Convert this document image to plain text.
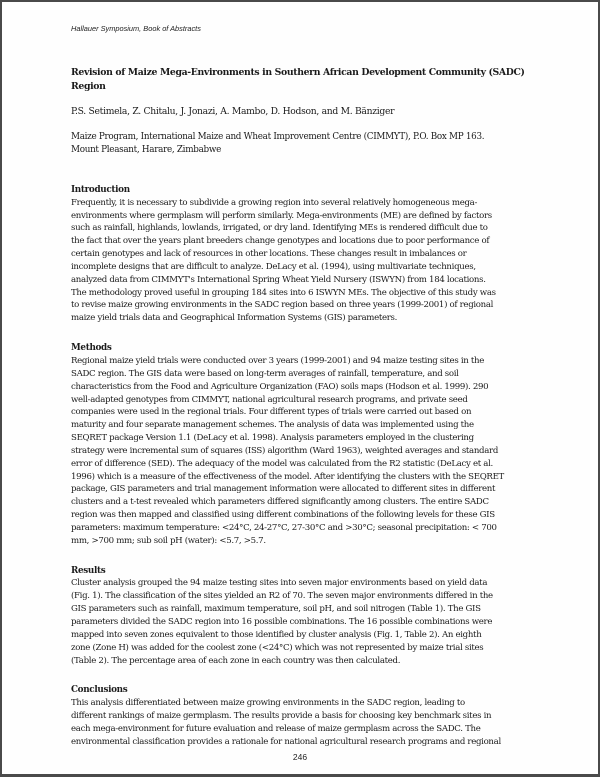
Hallauer Symposium, Book of Abstracts
Revision of Maize Mega-Environments in Southern African Development Community (SADC)
Region

P.S. Setimela, Z. Chitalu, J. Jonazi, A. Mambo, D. Hodson, and M. Bänziger

Maize Program, International Maize and Wheat Improvement Centre (CIMMYT), P.O. Box MP 163.
Mount Pleasant, Harare, Zimbabwe

Introduction

Frequently, it is necessary to subdivide a growing region into several relatively homogeneous mega-
environments where germplasm will perform similarly. Mega-environments (ME) are defined by factors
such as rainfall, highlands, lowlands, irrigated, or dry land. Identifying MEs is rendered difficult due to
the fact that over the years plant breeders change genotypes and locations due to poor performance of
certain genotypes and lack of resources in other locations. These changes result in imbalances or
incomplete designs that are difficult to analyze. DeLacy et al. (1994), using multivariate techniques,
analyzed data from CIMMYT's International Spring Wheat Yield Nursery (ISWYN) from 184 locations.
The methodology proved useful in grouping 184 sites into 6 ISWYN MEs. The objective of this study was
to revise maize growing environments in the SADC region based on three years (1999-2001) of regional
maize yield trials data and Geographical Information Systems (GIS) parameters.

Methods

Regional maize yield trials were conducted over 3 years (1999-2001) and 94 maize testing sites in the
SADC region. The GIS data were based on long-term averages of rainfall, temperature, and soil
characteristics from the Food and Agriculture Organization (FAO) soils maps (Hodson et al. 1999). 290
well-adapted genotypes from CIMMYT, national agricultural research programs, and private seed
companies were used in the regional trials. Four different types of trials were carried out based on
maturity and four separate management schemes. The analysis of data was implemented using the
SEQRET package Version 1.1 (DeLacy et al. 1998). Analysis parameters employed in the clustering
strategy were incremental sum of squares (ISS) algorithm (Ward 1963), weighted averages and standard
error of difference (SED). The adequacy of the model was calculated from the R2 statistic (DeLacy et al.
1996) which is a measure of the effectiveness of the model. After identifying the clusters with the SEQRET
package, GIS parameters and trial management information were allocated to different sites in different
clusters and a t-test revealed which parameters differed significantly among clusters. The entire SADC
region was then mapped and classified using different combinations of the following levels for these GIS
parameters: maximum temperature: <24°C, 24-27°C, 27-30°C and >30°C; seasonal precipitation: < 700
mm, >700 mm; sub soil pH (water): <5.7, >5.7.

Results

Cluster analysis grouped the 94 maize testing sites into seven major environments based on yield data
(Fig. 1). The classification of the sites yielded an R2 of 70. The seven major environments differed in the
GIS parameters such as rainfall, maximum temperature, soil pH, and soil nitrogen (Table 1). The GIS
parameters divided the SADC region into 16 possible combinations. The 16 possible combinations were
mapped into seven zones equivalent to those identified by cluster analysis (Fig. 1, Table 2). An eighth
zone (Zone H) was added for the coolest zone (<24°C) which was not represented by maize trial sites
(Table 2). The percentage area of each zone in each country was then calculated.

Conclusions

This analysis differentiated between maize growing environments in the SADC region, leading to
different rankings of maize germplasm. The results provide a basis for choosing key benchmark sites in
each mega-environment for future evaluation and release of maize germplasm across the SADC. The
environmental classification provides a rationale for national agricultural research programs and regional

246
